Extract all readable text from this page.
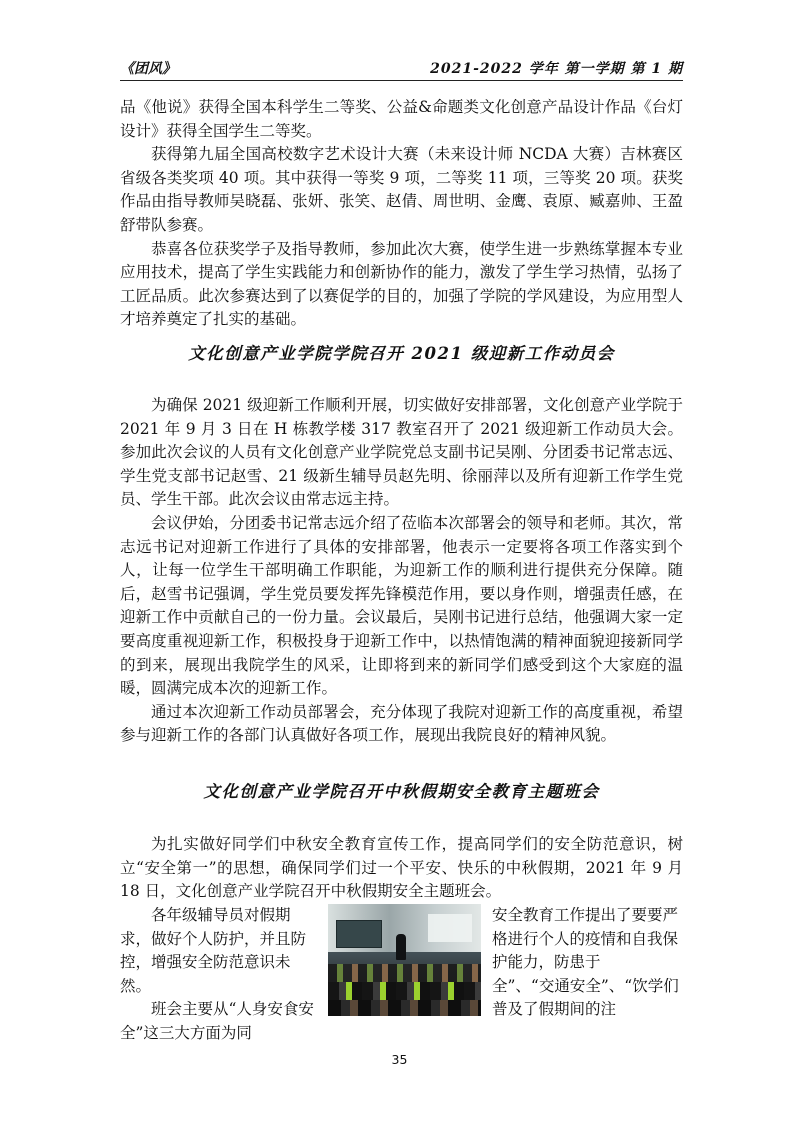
《团风》	2021-2022 学年 第一学期 第 1 期

品《他说》获得全国本科学生二等奖、公益&命题类文化创意产品设计作品《台灯设计》获得全国学生二等奖。

获得第九届全国高校数字艺术设计大赛（未来设计师 NCDA 大赛）吉林赛区省级各类奖项 40 项。其中获得一等奖 9 项，二等奖 11 项，三等奖 20 项。获奖作品由指导教师吴晓磊、张妍、张笑、赵倩、周世明、金鹰、袁原、臧嘉帅、王盈舒带队参赛。

恭喜各位获奖学子及指导教师，参加此次大赛，使学生进一步熟练掌握本专业应用技术，提高了学生实践能力和创新协作的能力，激发了学生学习热情，弘扬了工匠品质。此次参赛达到了以赛促学的目的，加强了学院的学风建设，为应用型人才培养奠定了扎实的基础。

文化创意产业学院学院召开 2021 级迎新工作动员会

为确保 2021 级迎新工作顺利开展，切实做好安排部署，文化创意产业学院于 2021 年 9 月 3 日在 H 栋教学楼 317 教室召开了 2021 级迎新工作动员大会。参加此次会议的人员有文化创意产业学院党总支副书记吴刚、分团委书记常志远、学生党支部书记赵雪、21 级新生辅导员赵先明、徐丽萍以及所有迎新工作学生党员、学生干部。此次会议由常志远主持。

会议伊始，分团委书记常志远介绍了莅临本次部署会的领导和老师。其次，常志远书记对迎新工作进行了具体的安排部署，他表示一定要将各项工作落实到个人，让每一位学生干部明确工作职能，为迎新工作的顺利进行提供充分保障。随后，赵雪书记强调，学生党员要发挥先锋模范作用，要以身作则，增强责任感，在迎新工作中贡献自己的一份力量。会议最后，吴刚书记进行总结，他强调大家一定要高度重视迎新工作，积极投身于迎新工作中，以热情饱满的精神面貌迎接新同学的到来，展现出我院学生的风采，让即将到来的新同学们感受到这个大家庭的温暖，圆满完成本次的迎新工作。

通过本次迎新工作动员部署会，充分体现了我院对迎新工作的高度重视，希望参与迎新工作的各部门认真做好各项工作，展现出我院良好的精神风貌。

文化创意产业学院召开中秋假期安全教育主题班会

为扎实做好同学们中秋安全教育宣传工作，提高同学们的安全防范意识，树立“安全第一”的思想，确保同学们过一个平安、快乐的中秋假期，2021 年 9 月 18 日，文化创意产业学院召开中秋假期安全主题班会。

　　各年级辅导员对假期求，做好个人防护，并且防控，增强安全防范意识未然。
　　班会主要从“人身安食安全”这三大方面为同
安全教育工作提出了要要严格进行个人的疫情和自我保护能力，防患于
全”、“交通安全”、“饮学们普及了假期间的注
35
